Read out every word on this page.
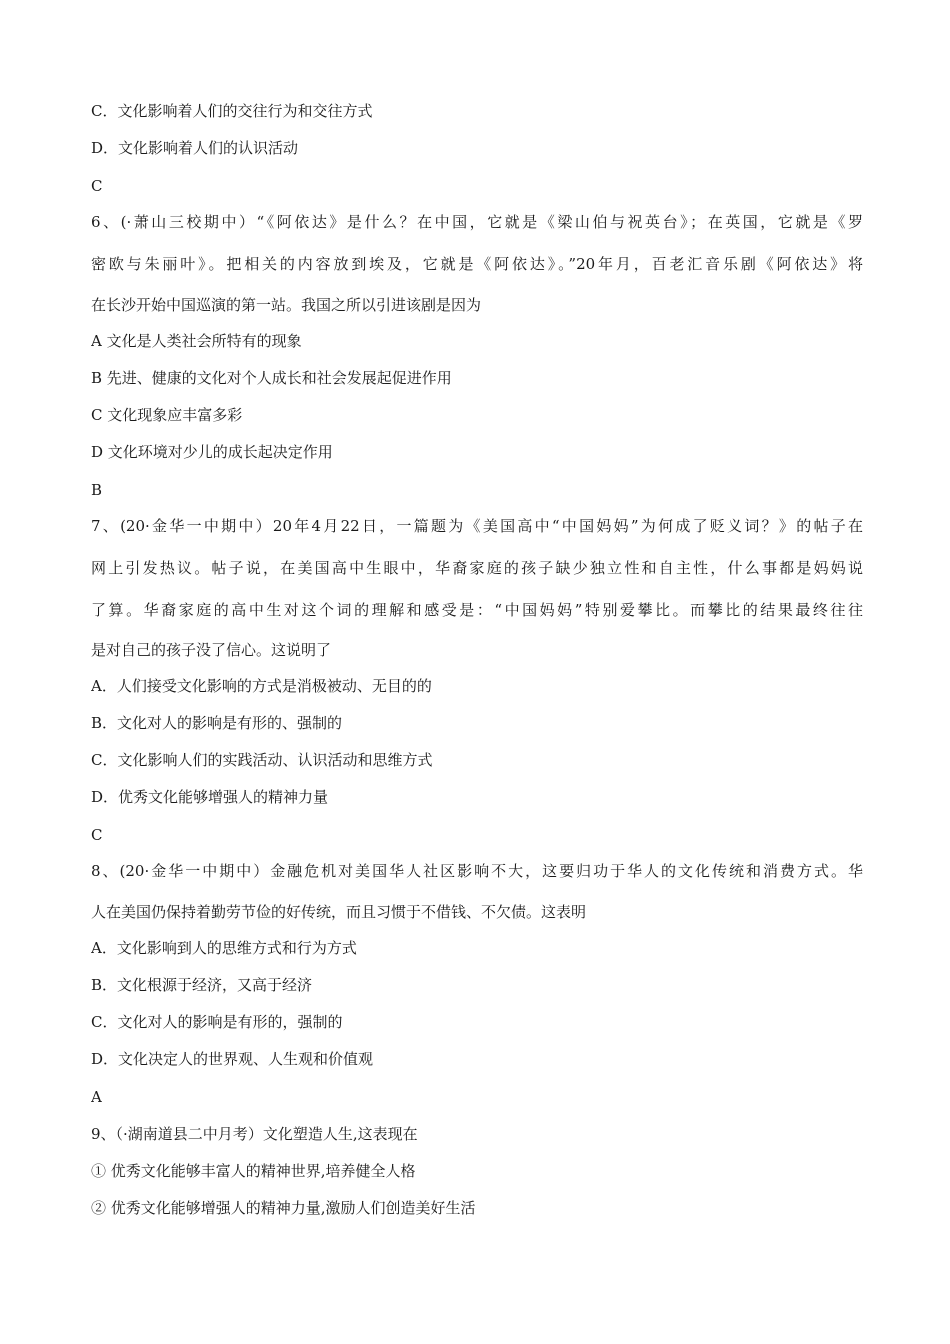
C．文化影响着人们的交往行为和交往方式
D．文化影响着人们的认识活动
C
6、(·萧山三校期中）“《阿依达》是什么？在中国，它就是《梁山伯与祝英台》；在英国，它就是《罗
密欧与朱丽叶》。把相关的内容放到埃及，它就是《阿依达》。”20年月，百老汇音乐剧《阿依达》将
在长沙开始中国巡演的第一站。我国之所以引进该剧是因为
A 文化是人类社会所特有的现象
B 先进、健康的文化对个人成长和社会发展起促进作用
C 文化现象应丰富多彩
D 文化环境对少儿的成长起决定作用
B
7、(20·金华一中期中）20年4月22日，一篇题为《美国高中“中国妈妈”为何成了贬义词？》的帖子在
网上引发热议。帖子说，在美国高中生眼中，华裔家庭的孩子缺少独立性和自主性，什么事都是妈妈说
了算。华裔家庭的高中生对这个词的理解和感受是：“中国妈妈”特别爱攀比。而攀比的结果最终往往
是对自己的孩子没了信心。这说明了
A．人们接受文化影响的方式是消极被动、无目的的
B．文化对人的影响是有形的、强制的
C．文化影响人们的实践活动、认识活动和思维方式
D．优秀文化能够增强人的精神力量
C
8、(20·金华一中期中）金融危机对美国华人社区影响不大，这要归功于华人的文化传统和消费方式。华
人在美国仍保持着勤劳节俭的好传统，而且习惯于不借钱、不欠债。这表明
A．文化影响到人的思维方式和行为方式
B．文化根源于经济，又高于经济
C．文化对人的影响是有形的，强制的
D．文化决定人的世界观、人生观和价值观
A
9、（·湖南道县二中月考）文化塑造人生,这表现在
① 优秀文化能够丰富人的精神世界,培养健全人格
② 优秀文化能够增强人的精神力量,激励人们创造美好生活
